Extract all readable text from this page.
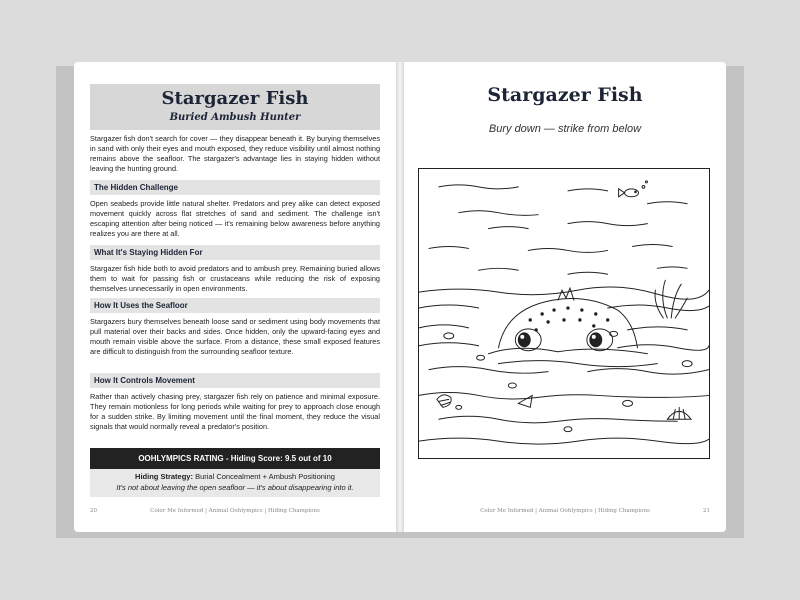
Stargazer Fish
Buried Ambush Hunter

Stargazer fish don't search for cover — they disappear beneath it. By burying themselves in sand with only their eyes and mouth exposed, they reduce visibility until almost nothing remains above the seafloor. The stargazer's advantage lies in staying hidden without leaving the hunting ground.

The Hidden Challenge

Open seabeds provide little natural shelter. Predators and prey alike can detect exposed movement quickly across flat stretches of sand and sediment. The challenge isn't escaping attention after being noticed — it's remaining below awareness before anything realizes you are there at all.

What It's Staying Hidden For

Stargazer fish hide both to avoid predators and to ambush prey. Remaining buried allows them to wait for passing fish or crustaceans while reducing the risk of exposing themselves unnecessarily in open environments.

How It Uses the Seafloor

Stargazers bury themselves beneath loose sand or sediment using body movements that pull material over their backs and sides. Once hidden, only the upward-facing eyes and mouth remain visible above the surface. From a distance, these small exposed features are difficult to distinguish from the surrounding seafloor texture.

How It Controls Movement

Rather than actively chasing prey, stargazer fish rely on patience and minimal exposure. They remain motionless for long periods while waiting for prey to approach close enough for a sudden strike. By limiting movement until the final moment, they reduce the visual signals that would normally reveal a predator's position.

OOHLYMPICS RATING - Hiding Score: 9.5 out of 10
Hiding Strategy: Burial Concealment + Ambush Positioning
It's not about leaving the open seafloor — it's about disappearing into it.
20	Color Me Informed | Animal Oohlympics | Hiding Champions
Stargazer Fish
Bury down — strike from below
Color Me Informed | Animal Oohlympics | Hiding Champions	21
